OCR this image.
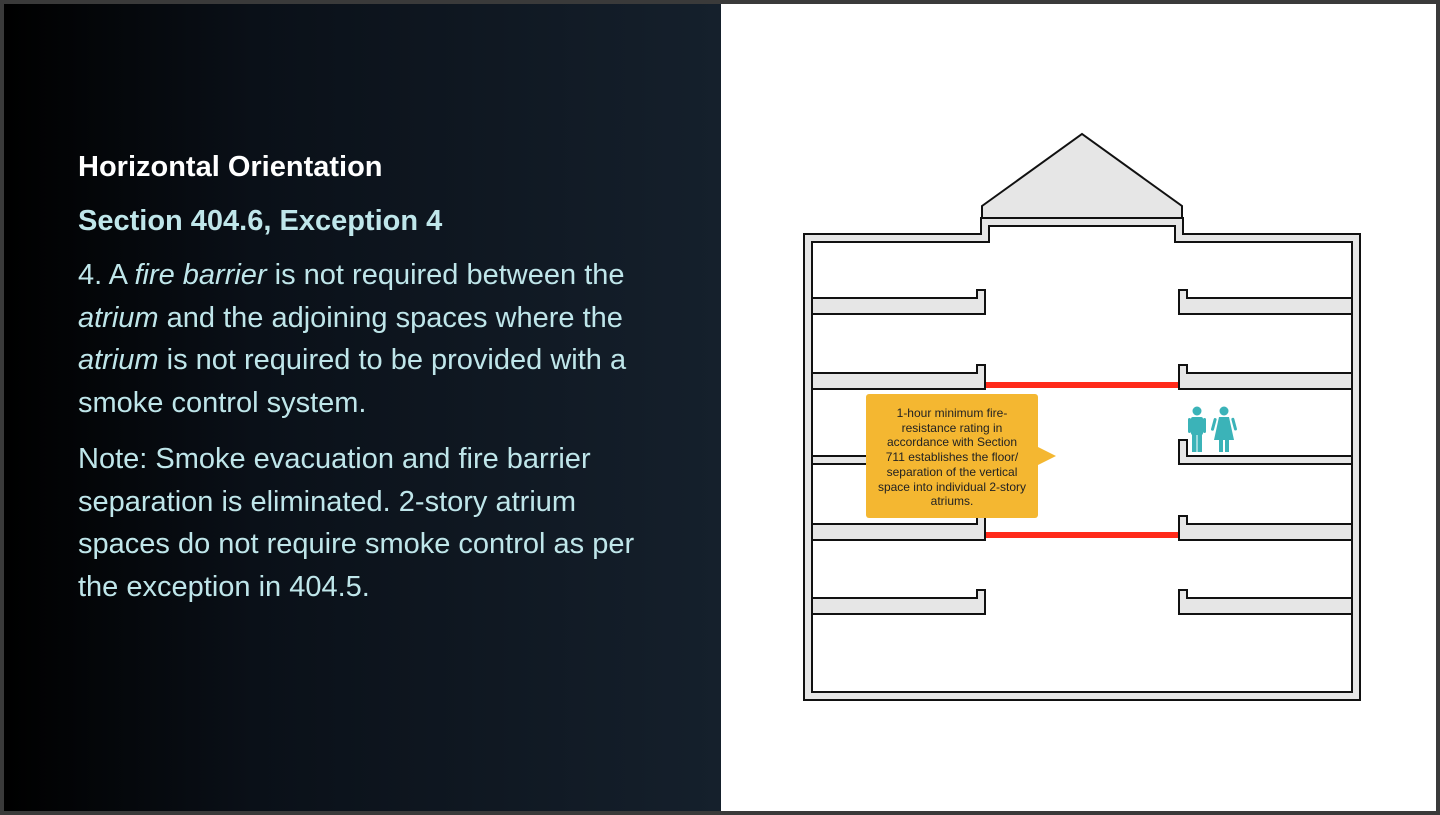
Horizontal Orientation
Section 404.6, Exception 4
4. A fire barrier is not required between the atrium and the adjoining spaces where the atrium is not required to be provided with a smoke control system.
Note: Smoke evacuation and fire barrier separation is eliminated. 2-story atrium spaces do not require smoke control as per the exception in 404.5.
1-hour minimum fire-resistance rating in accordance with Section 711 establishes the floor/ separation of the vertical space into individual 2-story atriums.
